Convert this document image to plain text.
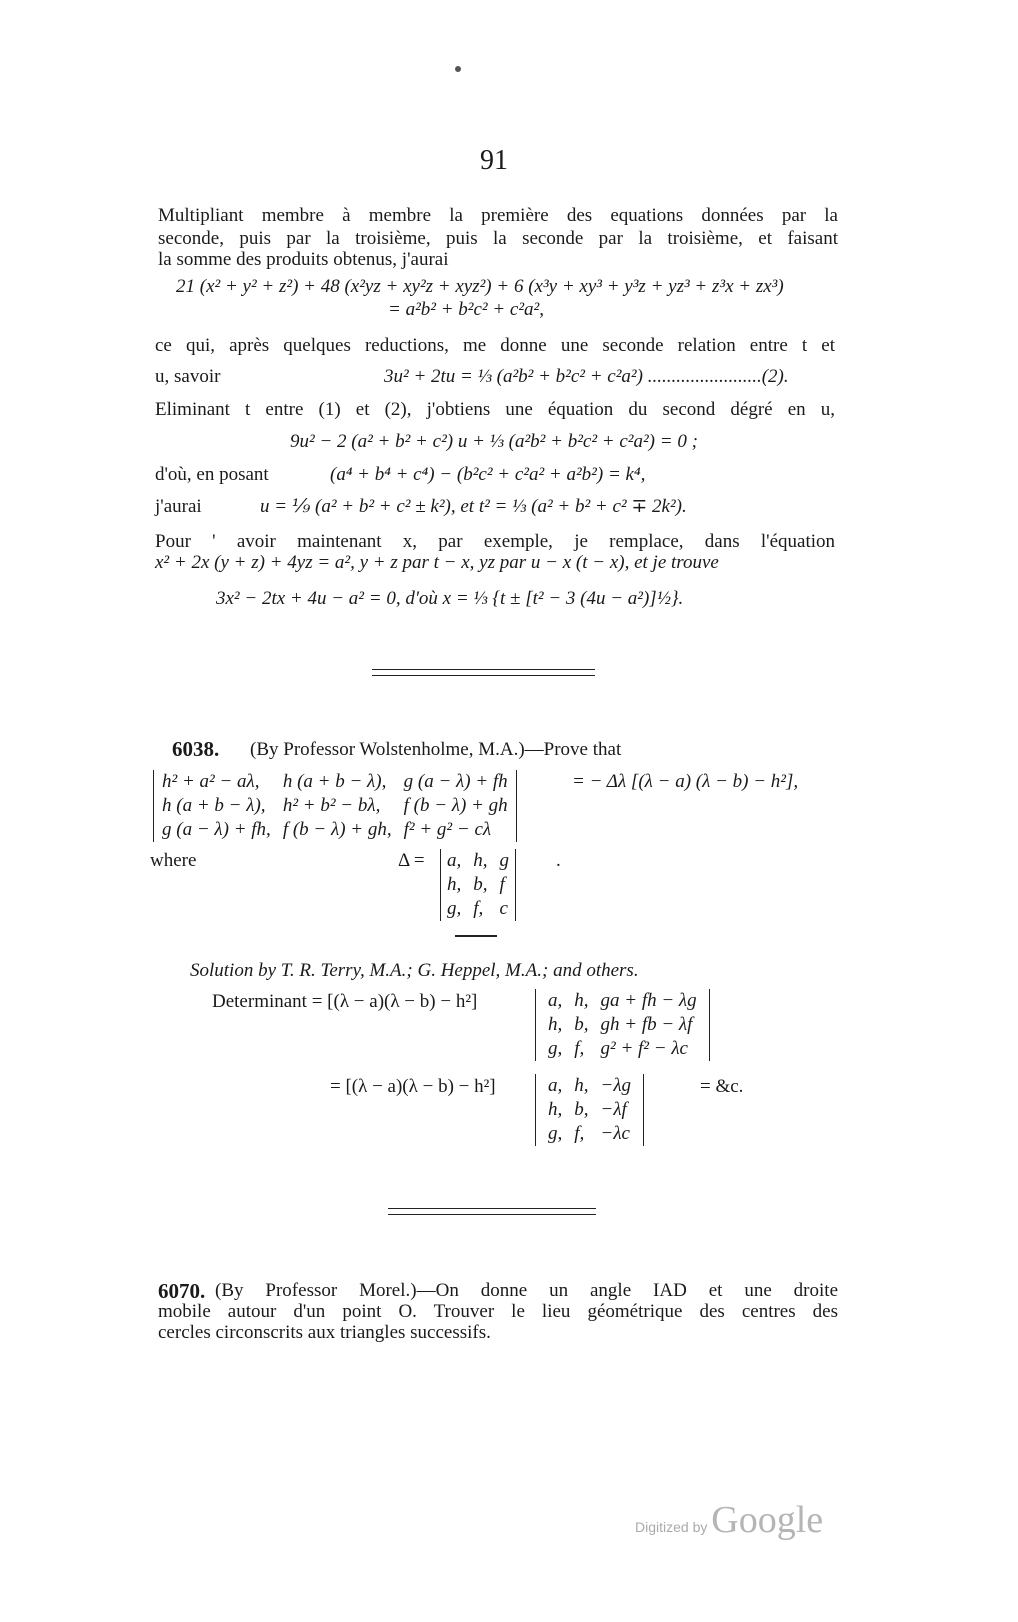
91
Multipliant membre à membre la première des equations données par la
seconde, puis par la troisième, puis la seconde par la troisième, et faisant
la somme des produits obtenus, j'aurai
21 (x² + y² + z²) + 48 (x²yz + xy²z + xyz²) + 6 (x³y + xy³ + y³z + yz³ + z³x + zx³)
= a²b² + b²c² + c²a²,
ce qui, après quelques reductions, me donne une seconde relation entre t et
u, savoir	3u² + 2tu = ⅓ (a²b² + b²c² + c²a²) ........................(2).
Eliminant t entre (1) et (2), j'obtiens une équation du second dégré en u,
9u² − 2 (a² + b² + c²) u + ⅓ (a²b² + b²c² + c²a²) = 0 ;
d'où, en posant	(a⁴ + b⁴ + c⁴) − (b²c² + c²a² + a²b²) = k⁴,
j'aurai	u = ⅑ (a² + b² + c² ± k²), et t² = ⅓ (a² + b² + c² ∓ 2k²).
Pour ' avoir maintenant x, par exemple, je remplace, dans l'équation
x² + 2x (y + z) + 4yz = a², y + z par t − x, yz par u − x (t − x), et je trouve
3x² − 2tx + 4u − a² = 0, d'où x = ⅓ {t ± [t² − 3 (4u − a²)]½}.
6038. (By Professor Wolstenholme, M.A.)—Prove that
h² + a² − aλ,	h (a + b − λ),	g (a − λ) + fh
h (a + b − λ),	h² + b² − bλ,	f (b − λ) + gh
g (a − λ) + fh,	f (b − λ) + gh,	f² + g² − cλ
= − Δλ [(λ − a) (λ − b) − h²],
where	Δ = a,	h,	g
h,	b,	f
g,	f,	c
.
Solution by T. R. Terry, M.A.; G. Heppel, M.A.; and others.
Determinant = [(λ − a)(λ − b) − h²]	a,	h,	ga + fh − λg
h,	b,	gh + fb − λf
g,	f,	g² + f² − λc
= [(λ − a)(λ − b) − h²]	a,	h,	−λg
h,	b,	−λf
g,	f,	−λc
= &c.
6070. (By Professor Morel.)—On donne un angle IAD et une droite
mobile autour d'un point O. Trouver le lieu géométrique des centres des
cercles circonscrits aux triangles successifs.
Digitized by Google
